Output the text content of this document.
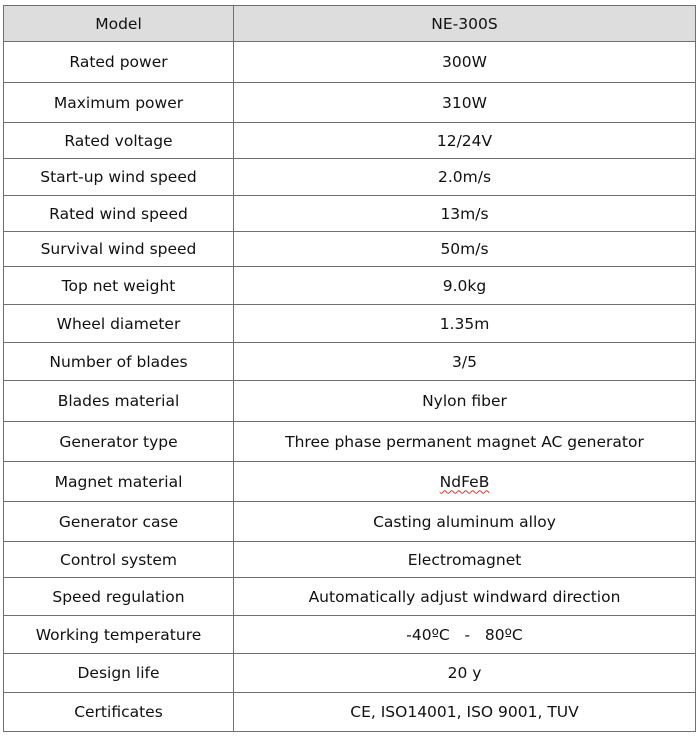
Model	NE-300S
Rated power	300W
Maximum power	310W
Rated voltage	12/24V
Start-up wind speed	2.0m/s
Rated wind speed	13m/s
Survival wind speed	50m/s
Top net weight	9.0kg
Wheel diameter	1.35m
Number of blades	3/5
Blades material	Nylon fiber
Generator type	Three phase permanent magnet AC generator
Magnet material	NdFeB
Generator case	Casting aluminum alloy
Control system	Electromagnet
Speed regulation	Automatically adjust windward direction
Working temperature	-40ºC   -   80ºC
Design life	20 y
Certificates	CE, ISO14001, ISO 9001, TUV
